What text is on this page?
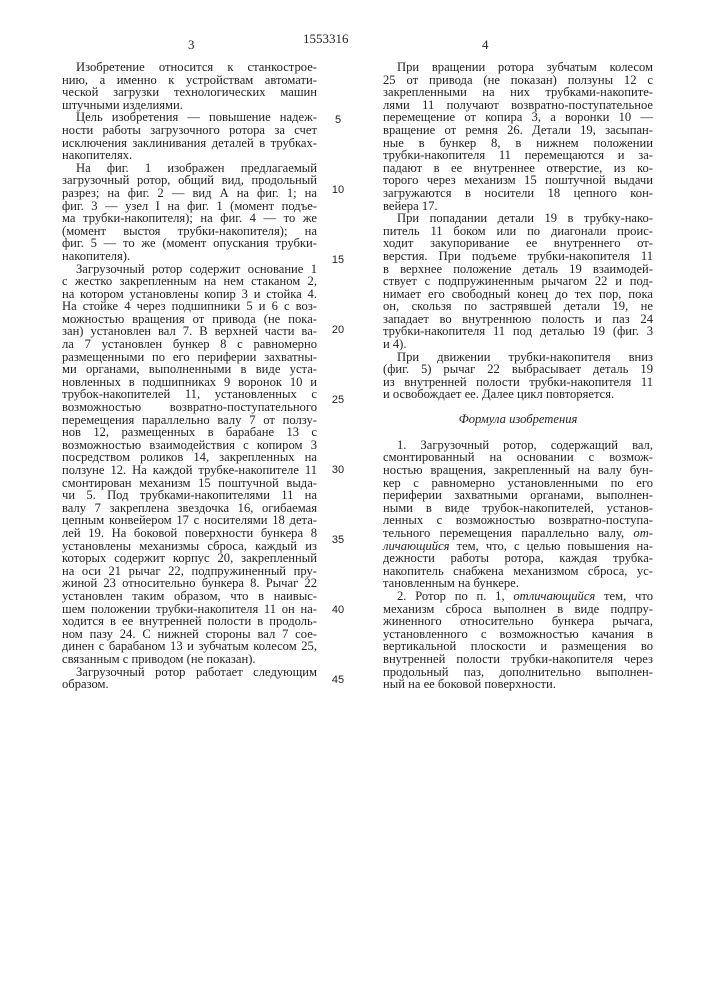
3	1553316	4
5
10
15
20
25
30
35
40
45
Изобретение относится к станкострое-
нию, а именно к устройствам автомати-
ческой загрузки технологических машин
штучными изделиями.
Цель изобретения — повышение надеж-
ности работы загрузочного ротора за счет
исключения заклинивания деталей в трубках-
накопителях.
На фиг. 1 изображен предлагаемый
загрузочный ротор, общий вид, продольный
разрез; на фиг. 2 — вид А на фиг. 1; на
фиг. 3 — узел I на фиг. 1 (момент подъе-
ма трубки-накопителя); на фиг. 4 — то же
(момент выстоя трубки-накопителя); на
фиг. 5 — то же (момент опускания трубки-
накопителя).
Загрузочный ротор содержит основание 1
с жестко закрепленным на нем стаканом 2,
на котором установлены копир 3 и стойка 4.
На стойке 4 через подшипники 5 и 6 с воз-
можностью вращения от привода (не пока-
зан) установлен вал 7. В верхней части ва-
ла 7 установлен бункер 8 с равномерно
размещенными по его периферии захватны-
ми органами, выполненными в виде уста-
новленных в подшипниках 9 воронок 10 и
трубок-накопителей 11, установленных с
возможностью возвратно-поступательного
перемещения параллельно валу 7 от ползу-
нов 12, размещенных в барабане 13 с
возможностью взаимодействия с копиром 3
посредством роликов 14, закрепленных на
ползуне 12. На каждой трубке-накопителе 11
смонтирован механизм 15 поштучной выда-
чи 5. Под трубками-накопителями 11 на
валу 7 закреплена звездочка 16, огибаемая
цепным конвейером 17 с носителями 18 дета-
лей 19. На боковой поверхности бункера 8
установлены механизмы сброса, каждый из
которых содержит корпус 20, закрепленный
на оси 21 рычаг 22, подпружиненный пру-
жиной 23 относительно бункера 8. Рычаг 22
установлен таким образом, что в наивыс-
шем положении трубки-накопителя 11 он на-
ходится в ее внутренней полости в продоль-
ном пазу 24. С нижней стороны вал 7 сое-
динен с барабаном 13 и зубчатым колесом 25,
связанным с приводом (не показан).
Загрузочный ротор работает следующим
образом.
При вращении ротора зубчатым колесом
25 от привода (не показан) ползуны 12 с
закрепленными на них трубками-накопите-
лями 11 получают возвратно-поступательное
перемещение от копира 3, а воронки 10 —
вращение от ремня 26. Детали 19, засыпан-
ные в бункер 8, в нижнем положении
трубки-накопителя 11 перемещаются и за-
падают в ее внутреннее отверстие, из ко-
торого через механизм 15 поштучной выдачи
загружаются в носители 18 цепного кон-
вейера 17.
При попадании детали 19 в трубку-нако-
питель 11 боком или по диагонали проис-
ходит закупоривание ее внутреннего от-
верстия. При подъеме трубки-накопителя 11
в верхнее положение деталь 19 взаимодей-
ствует с подпружиненным рычагом 22 и под-
нимает его свободный конец до тех пор, пока
он, скользя по застрявшей детали 19, не
западает во внутреннюю полость и паз 24
трубки-накопителя 11 под деталью 19 (фиг. 3
и 4).
При движении трубки-накопителя вниз
(фиг. 5) рычаг 22 выбрасывает деталь 19
из внутренней полости трубки-накопителя 11
и освобождает ее. Далее цикл повторяется.
Формула изобретения
1. Загрузочный ротор, содержащий вал,
смонтированный на основании с возмож-
ностью вращения, закрепленный на валу бун-
кер с равномерно установленными по его
периферии захватными органами, выполнен-
ными в виде трубок-накопителей, установ-
ленных с возможностью возвратно-поступа-
тельного перемещения параллельно валу, от-
личающийся тем, что, с целью повышения на-
дежности работы ротора, каждая трубка-
накопитель снабжена механизмом сброса, ус-
тановленным на бункере.
2. Ротор по п. 1, отличающийся тем, что
механизм сброса выполнен в виде подпру-
жиненного относительно бункера рычага,
установленного с возможностью качания в
вертикальной плоскости и размещения во
внутренней полости трубки-накопителя через
продольный паз, дополнительно выполнен-
ный на ее боковой поверхности.
